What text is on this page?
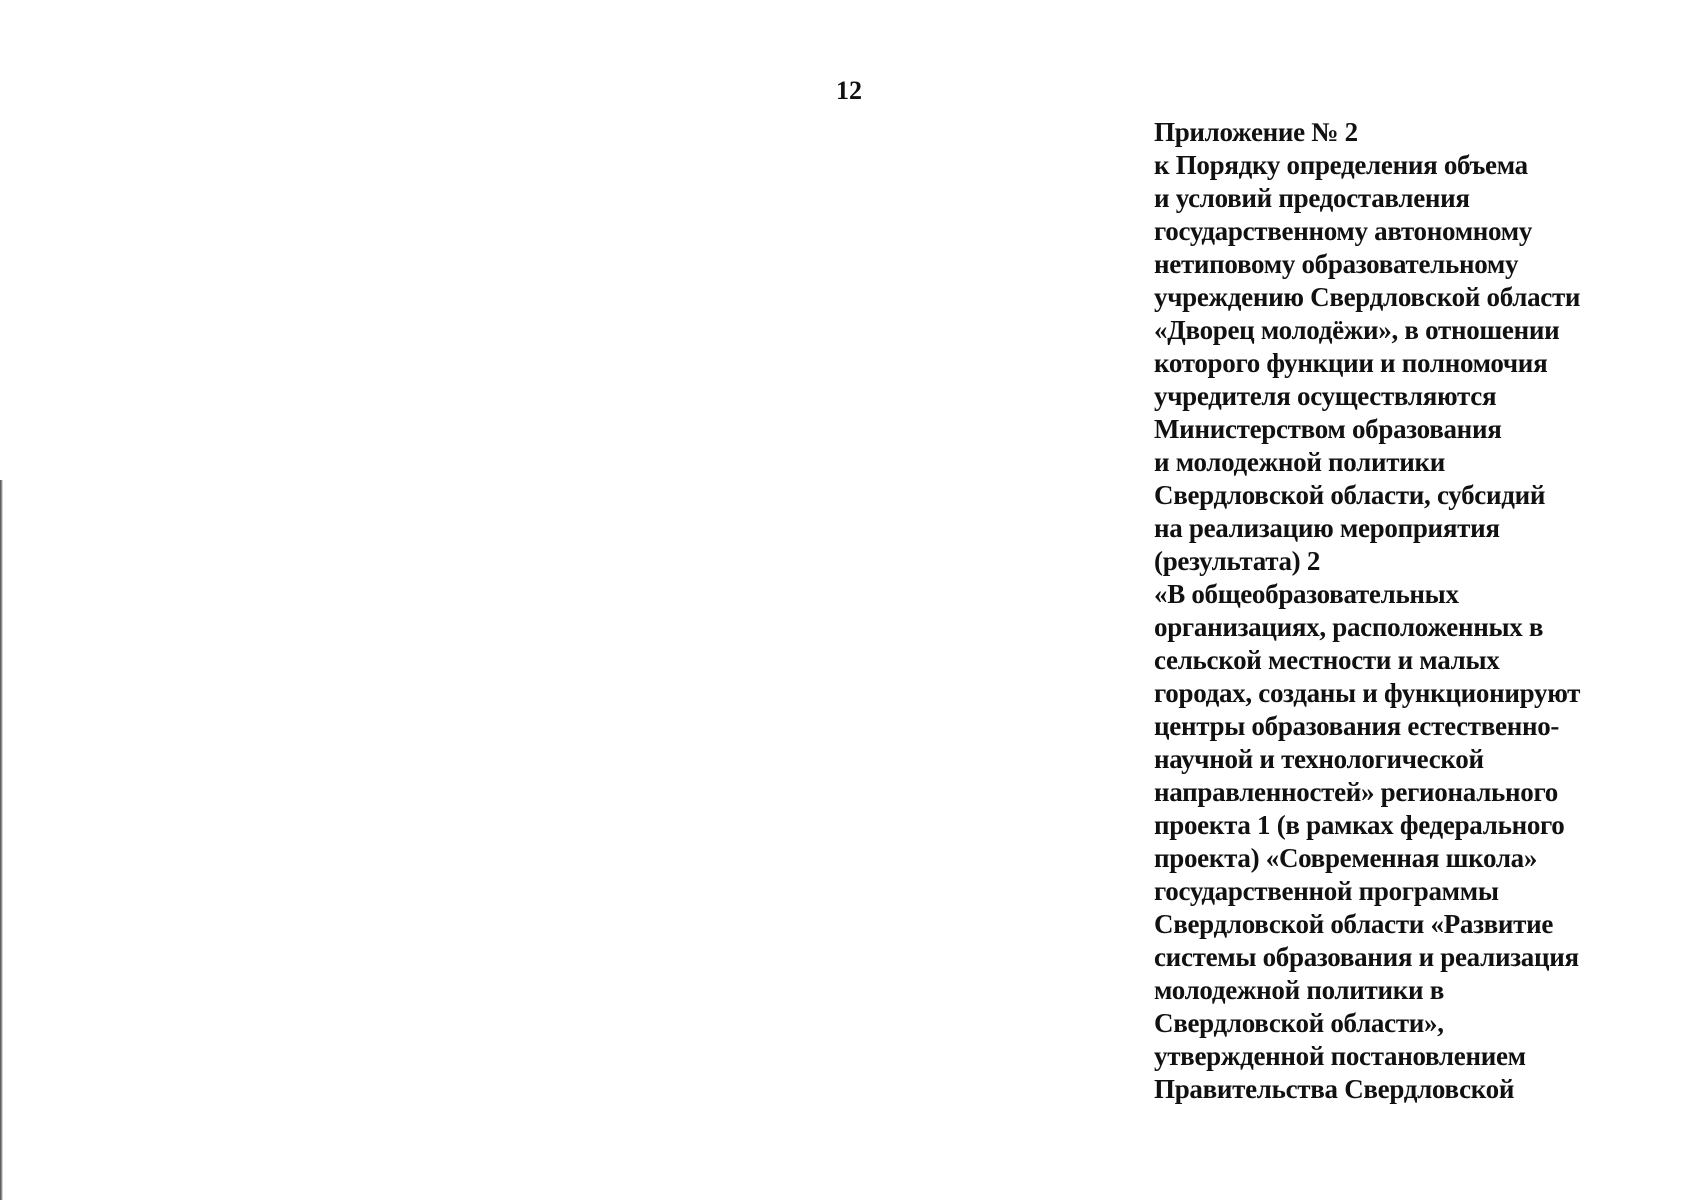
12
Приложение № 2
к Порядку определения объема
и условий предоставления
государственному автономному
нетиповому образовательному
учреждению Свердловской области
«Дворец молодёжи», в отношении
которого функции и полномочия
учредителя осуществляются
Министерством образования
и молодежной политики
Свердловской области, субсидий
на реализацию мероприятия
(результата) 2
«В общеобразовательных
организациях, расположенных в
сельской местности и малых
городах, созданы и функционируют
центры образования естественно-
научной и технологической
направленностей» регионального
проекта 1 (в рамках федерального
проекта) «Современная школа»
государственной программы
Свердловской области «Развитие
системы образования и реализация
молодежной политики в
Свердловской области»,
утвержденной постановлением
Правительства Свердловской
